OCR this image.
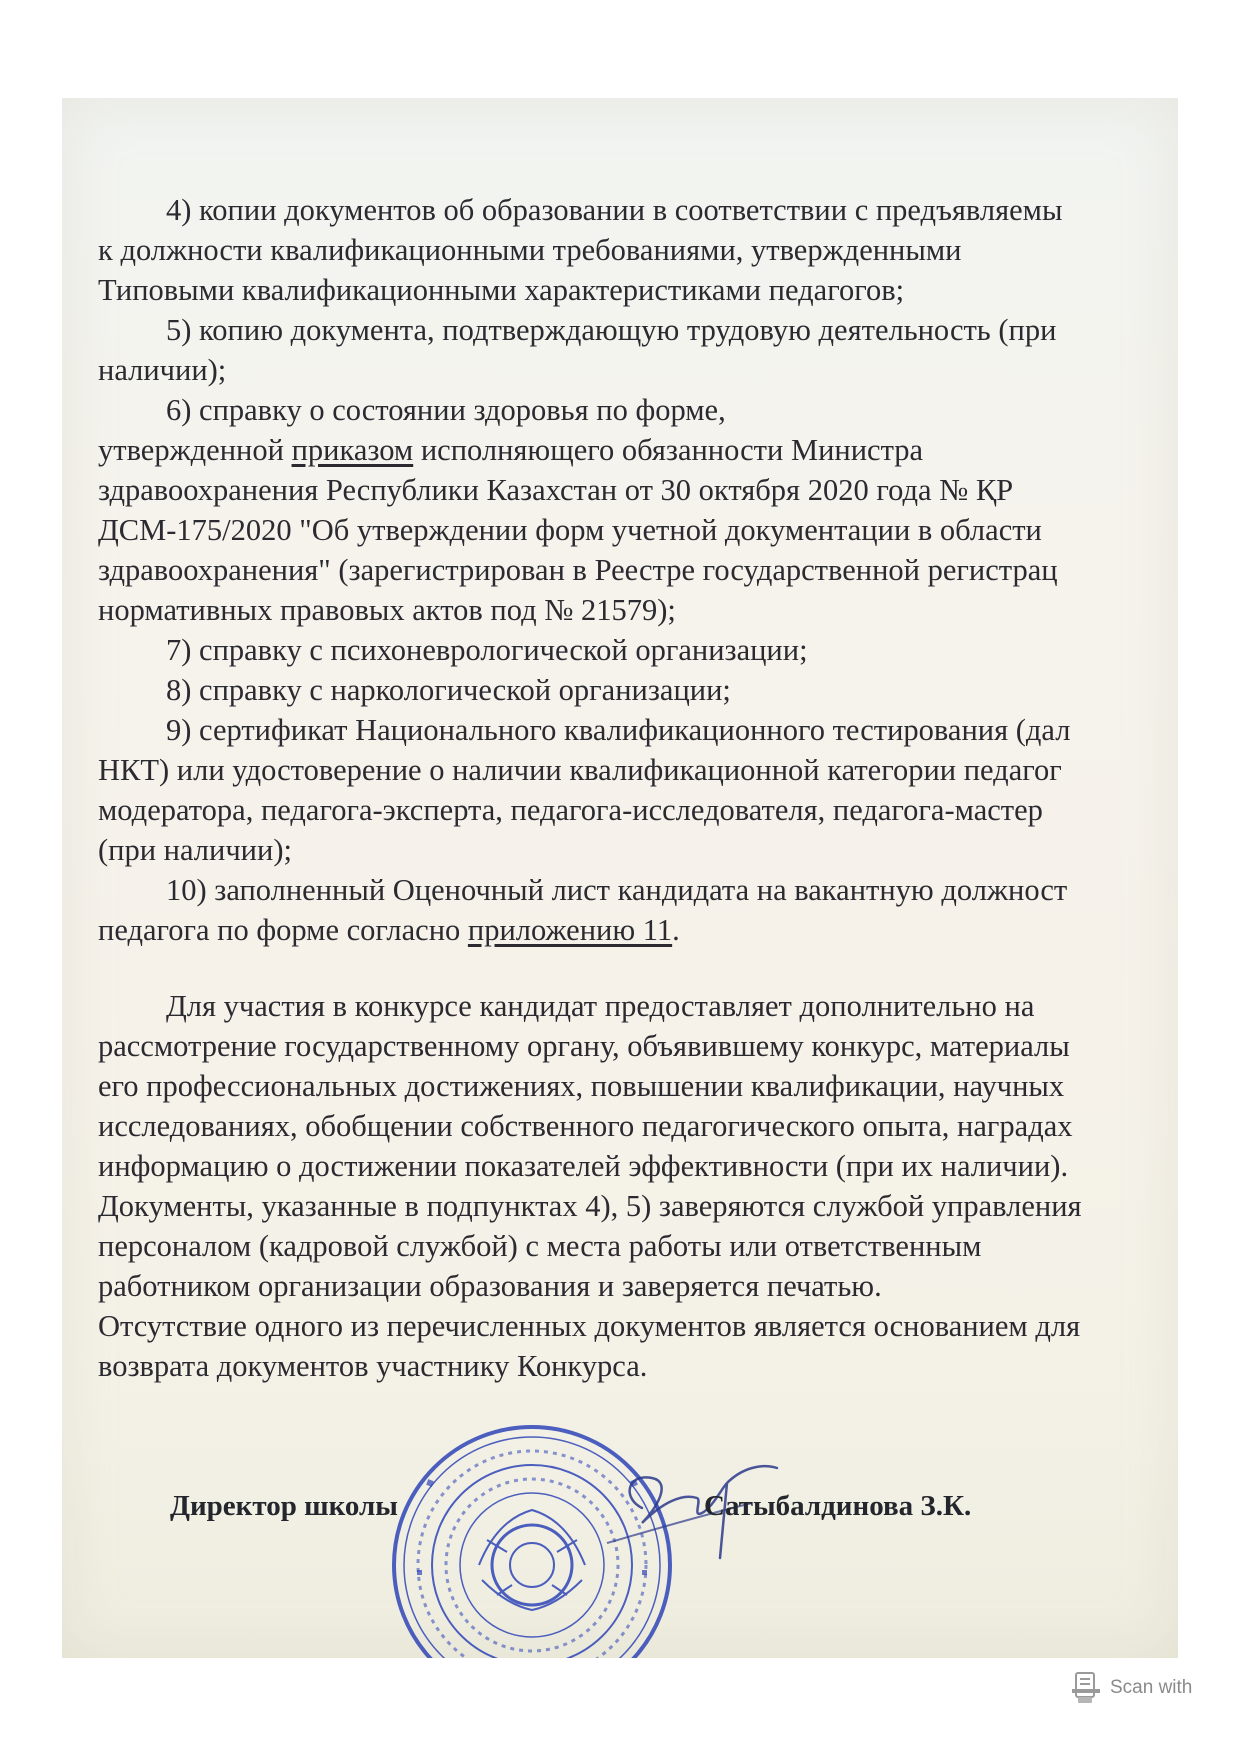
4) копии документов об образовании в соответствии с предъявляемы
к должности квалификационными требованиями, утвержденными
Типовыми квалификационными характеристиками педагогов;
5) копию документа, подтверждающую трудовую деятельность (при
наличии);
6) справку о состоянии здоровья по форме,
утвержденной приказом исполняющего обязанности Министра
здравоохранения Республики Казахстан от 30 октября 2020 года № ҚР
ДСМ-175/2020 "Об утверждении форм учетной документации в области
здравоохранения" (зарегистрирован в Реестре государственной регистрац
нормативных правовых актов под № 21579);
7) справку с психоневрологической организации;
8) справку с наркологической организации;
9) сертификат Национального квалификационного тестирования (дал
НКТ) или удостоверение о наличии квалификационной категории педагог
модератора, педагога-эксперта, педагога-исследователя, педагога-мастер
(при наличии);
10) заполненный Оценочный лист кандидата на вакантную должност
педагога по форме согласно приложению 11.
Для участия в конкурсе кандидат предоставляет дополнительно на
рассмотрение государственному органу, объявившему конкурс, материалы
его профессиональных достижениях, повышении квалификации, научных
исследованиях, обобщении собственного педагогического опыта, наградах
информацию о достижении показателей эффективности (при их наличии).
Документы, указанные в подпунктах 4), 5) заверяются службой управления
персоналом (кадровой службой) с места работы или ответственным
работником организации образования и заверяется печатью.
Отсутствие одного из перечисленных документов является основанием для
возврата документов участнику Конкурса.
Директор школы	Сатыбалдинова З.К.
Scan with
